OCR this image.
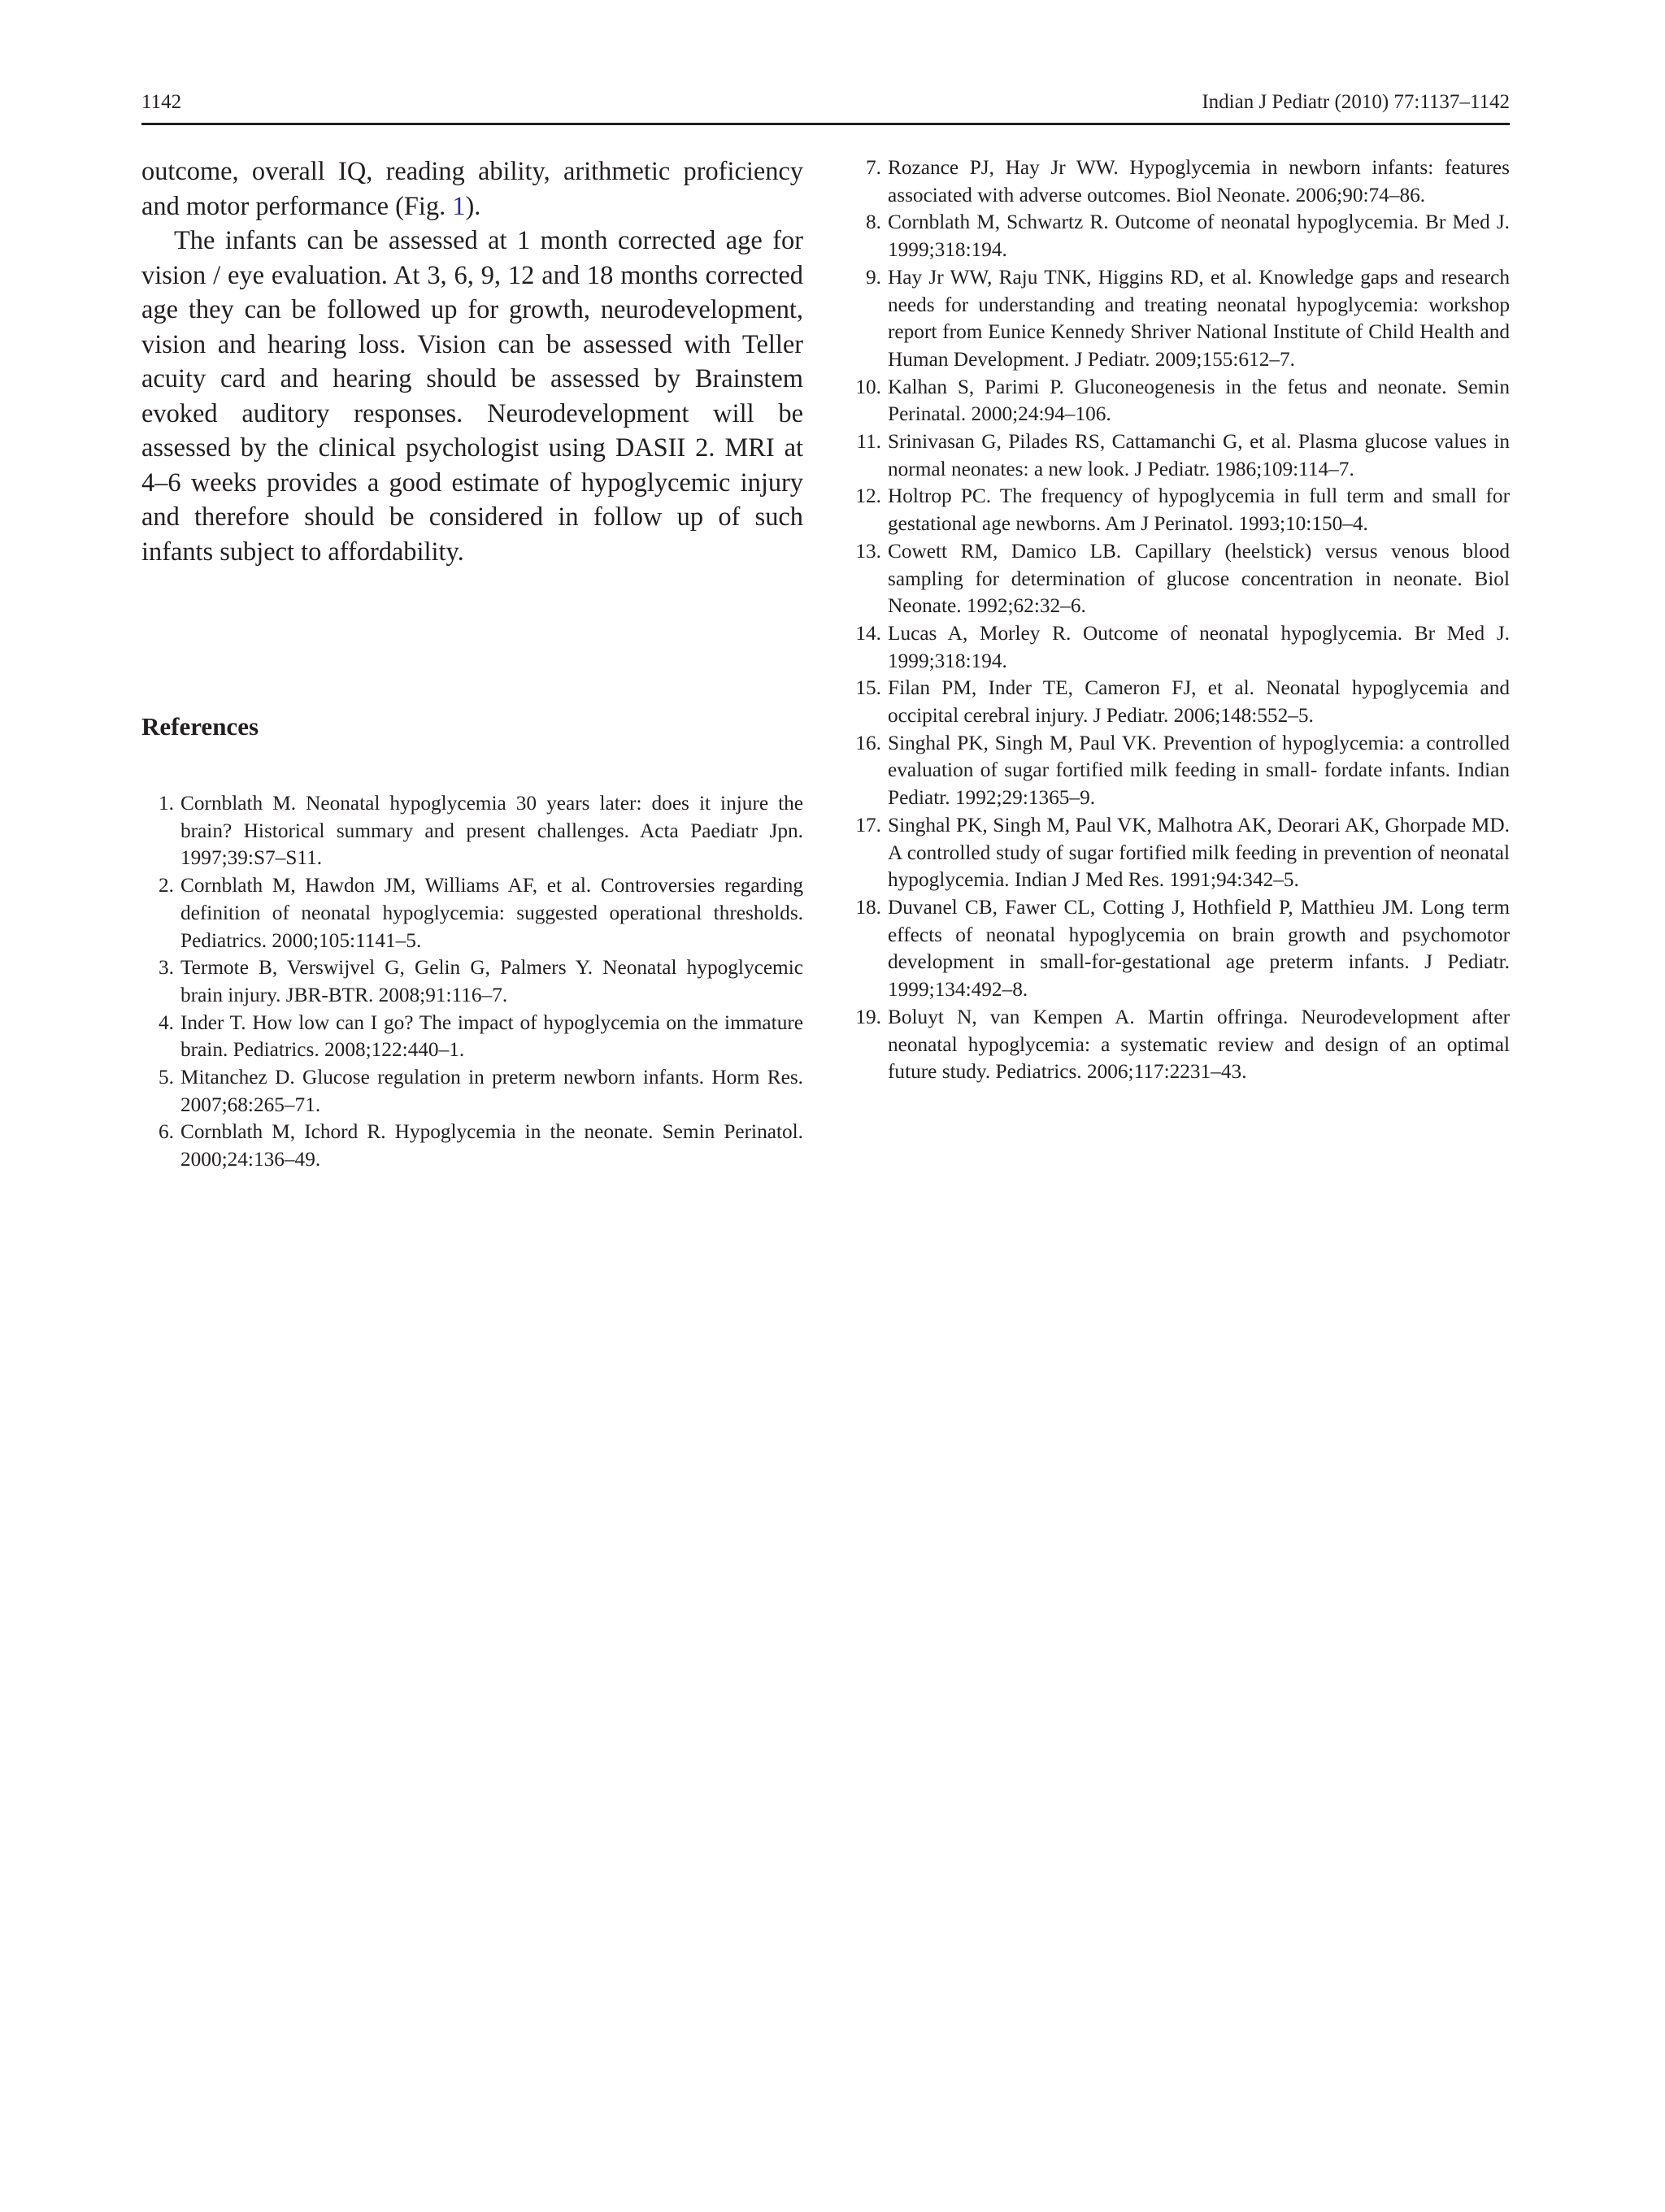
1142	Indian J Pediatr (2010) 77:1137–1142

outcome, overall IQ, reading ability, arithmetic proficiency and motor performance (Fig. 1).

The infants can be assessed at 1 month corrected age for vision / eye evaluation. At 3, 6, 9, 12 and 18 months corrected age they can be followed up for growth, neurodevelopment, vision and hearing loss. Vision can be assessed with Teller acuity card and hearing should be assessed by Brainstem evoked auditory responses. Neurodevelopment will be assessed by the clinical psychologist using DASII 2. MRI at 4–6 weeks provides a good estimate of hypoglycemic injury and therefore should be considered in follow up of such infants subject to affordability.

References
1. Cornblath M. Neonatal hypoglycemia 30 years later: does it injure the brain? Historical summary and present challenges. Acta Paediatr Jpn. 1997;39:S7–S11.
2. Cornblath M, Hawdon JM, Williams AF, et al. Controversies regarding definition of neonatal hypoglycemia: suggested operational thresholds. Pediatrics. 2000;105:1141–5.
3. Termote B, Verswijvel G, Gelin G, Palmers Y. Neonatal hypoglycemic brain injury. JBR-BTR. 2008;91:116–7.
4. Inder T. How low can I go? The impact of hypoglycemia on the immature brain. Pediatrics. 2008;122:440–1.
5. Mitanchez D. Glucose regulation in preterm newborn infants. Horm Res. 2007;68:265–71.
6. Cornblath M, Ichord R. Hypoglycemia in the neonate. Semin Perinatol. 2000;24:136–49.
7. Rozance PJ, Hay Jr WW. Hypoglycemia in newborn infants: features associated with adverse outcomes. Biol Neonate. 2006;90:74–86.
8. Cornblath M, Schwartz R. Outcome of neonatal hypoglycemia. Br Med J. 1999;318:194.
9. Hay Jr WW, Raju TNK, Higgins RD, et al. Knowledge gaps and research needs for understanding and treating neonatal hypoglycemia: workshop report from Eunice Kennedy Shriver National Institute of Child Health and Human Development. J Pediatr. 2009;155:612–7.
10. Kalhan S, Parimi P. Gluconeogenesis in the fetus and neonate. Semin Perinatal. 2000;24:94–106.
11. Srinivasan G, Pilades RS, Cattamanchi G, et al. Plasma glucose values in normal neonates: a new look. J Pediatr. 1986;109:114–7.
12. Holtrop PC. The frequency of hypoglycemia in full term and small for gestational age newborns. Am J Perinatol. 1993;10:150–4.
13. Cowett RM, Damico LB. Capillary (heelstick) versus venous blood sampling for determination of glucose concentration in neonate. Biol Neonate. 1992;62:32–6.
14. Lucas A, Morley R. Outcome of neonatal hypoglycemia. Br Med J. 1999;318:194.
15. Filan PM, Inder TE, Cameron FJ, et al. Neonatal hypoglycemia and occipital cerebral injury. J Pediatr. 2006;148:552–5.
16. Singhal PK, Singh M, Paul VK. Prevention of hypoglycemia: a controlled evaluation of sugar fortified milk feeding in small- fordate infants. Indian Pediatr. 1992;29:1365–9.
17. Singhal PK, Singh M, Paul VK, Malhotra AK, Deorari AK, Ghorpade MD. A controlled study of sugar fortified milk feeding in prevention of neonatal hypoglycemia. Indian J Med Res. 1991;94:342–5.
18. Duvanel CB, Fawer CL, Cotting J, Hothfield P, Matthieu JM. Long term effects of neonatal hypoglycemia on brain growth and psychomotor development in small-for-gestational age preterm infants. J Pediatr. 1999;134:492–8.
19. Boluyt N, van Kempen A. Martin offringa. Neurodevelopment after neonatal hypoglycemia: a systematic review and design of an optimal future study. Pediatrics. 2006;117:2231–43.
